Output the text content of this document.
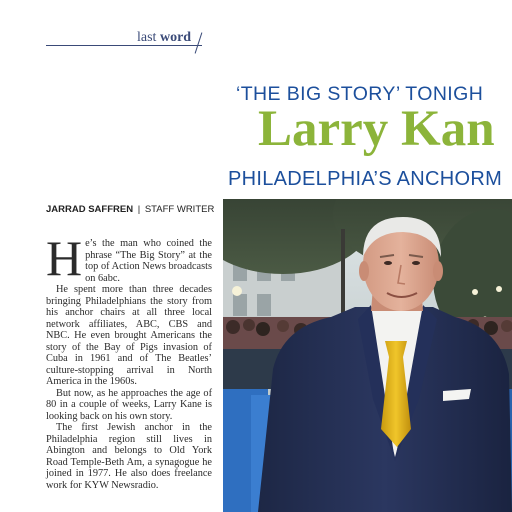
last word
‘THE BIG STORY’ TONIGH
Larry Kan
PHILADELPHIA’S ANCHORM
JARRAD SAFFREN | STAFF WRITER

He’s the man who coined the phrase “The Big Story” at the top of Action News broadcasts on 6abc.

He spent more than three decades bringing Philadelphians the story from his anchor chairs at all three local network affiliates, ABC, CBS and NBC. He even brought Americans the story of the Bay of Pigs invasion of Cuba in 1961 and of The Beatles’ culture-stopping arrival in North America in the 1960s.

But now, as he approaches the age of 80 in a couple of weeks, Larry Kane is looking back on his own story.

The first Jewish anchor in the Philadelphia region still lives in Abington and belongs to Old York Road Temple-Beth Am, a synagogue he joined in 1977. He also does freelance work for KYW Newsradio.
